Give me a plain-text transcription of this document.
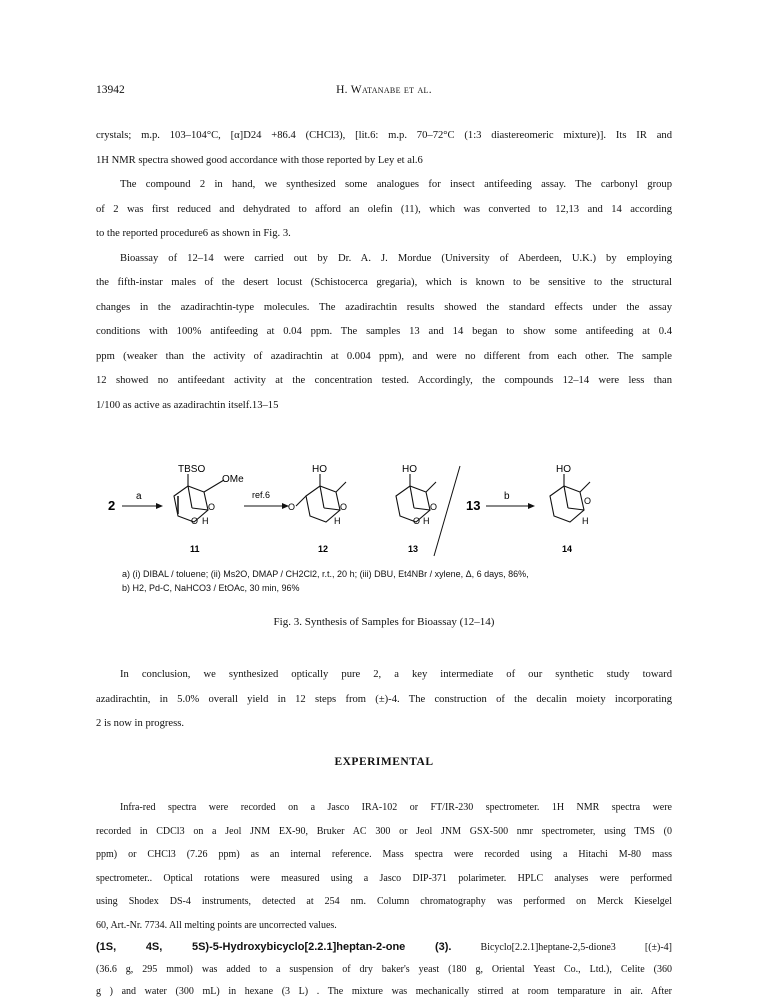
13942	H. Watanabe et al.
crystals; m.p. 103–104°C, [α]D24 +86.4 (CHCl3), [lit.6: m.p. 70–72°C (1:3 diastereomeric mixture)]. Its IR and
1H NMR spectra showed good accordance with those reported by Ley et al.6
The compound 2 in hand, we synthesized some analogues for insect antifeeding assay. The carbonyl group
of 2 was first reduced and dehydrated to afford an olefin (11), which was converted to 12,13 and 14 according
to the reported procedure6 as shown in Fig. 3.
Bioassay of 12–14 were carried out by Dr. A. J. Mordue (University of Aberdeen, U.K.) by employing
the fifth-instar males of the desert locust (Schistocerca gregaria), which is known to be sensitive to the structural
changes in the azadirachtin-type molecules. The azadirachtin results showed the standard effects under the assay
conditions with 100% antifeeding at 0.04 ppm. The samples 13 and 14 began to show some antifeeding at 0.4
ppm (weaker than the activity of azadirachtin at 0.004 ppm), and were no different from each other. The sample
12 showed no antifeedant activity at the concentration tested. Accordingly, the compounds 12–14 were less than
1/100 as active as azadirachtin itself.13–15
2
a
TBSO
OMe
O
O H
11
ref.6
HO
O	O
H
12
HO
O
O H
13
13
b
HO
O
H
14
a) (i) DIBAL / toluene; (ii) Ms2O, DMAP / CH2Cl2, r.t., 20 h; (iii) DBU, Et4NBr / xylene, Δ, 6 days, 86%,
b) H2, Pd-C, NaHCO3 / EtOAc, 30 min, 96%
Fig. 3. Synthesis of Samples for Bioassay (12–14)
In conclusion, we synthesized optically pure 2, a key intermediate of our synthetic study toward
azadirachtin, in 5.0% overall yield in 12 steps from (±)-4. The construction of the decalin moiety incorporating
2 is now in progress.
EXPERIMENTAL
Infra-red spectra were recorded on a Jasco IRA-102 or FT/IR-230 spectrometer. 1H NMR spectra were
recorded in CDCl3 on a Jeol JNM EX-90, Bruker AC 300 or Jeol JNM GSX-500 nmr spectrometer, using TMS (0
ppm) or CHCl3 (7.26 ppm) as an internal reference. Mass spectra were recorded using a Hitachi M-80 mass
spectrometer.. Optical rotations were measured using a Jasco DIP-371 polarimeter. HPLC analyses were performed
using Shodex DS-4 instruments, detected at 254 nm. Column chromatography was performed on Merck Kieselgel
60, Art.-Nr. 7734. All melting points are uncorrected values.
(1S, 4S, 5S)-5-Hydroxybicyclo[2.2.1]heptan-2-one (3).	Bicyclo[2.2.1]heptane-2,5-dione3 [(±)-4]
(36.6 g, 295 mmol) was added to a suspension of dry baker's yeast (180 g, Oriental Yeast Co., Ltd.), Celite (360
g ) and water (300 mL) in hexane (3 L) . The mixture was mechanically stirred at room temparature in air. After
